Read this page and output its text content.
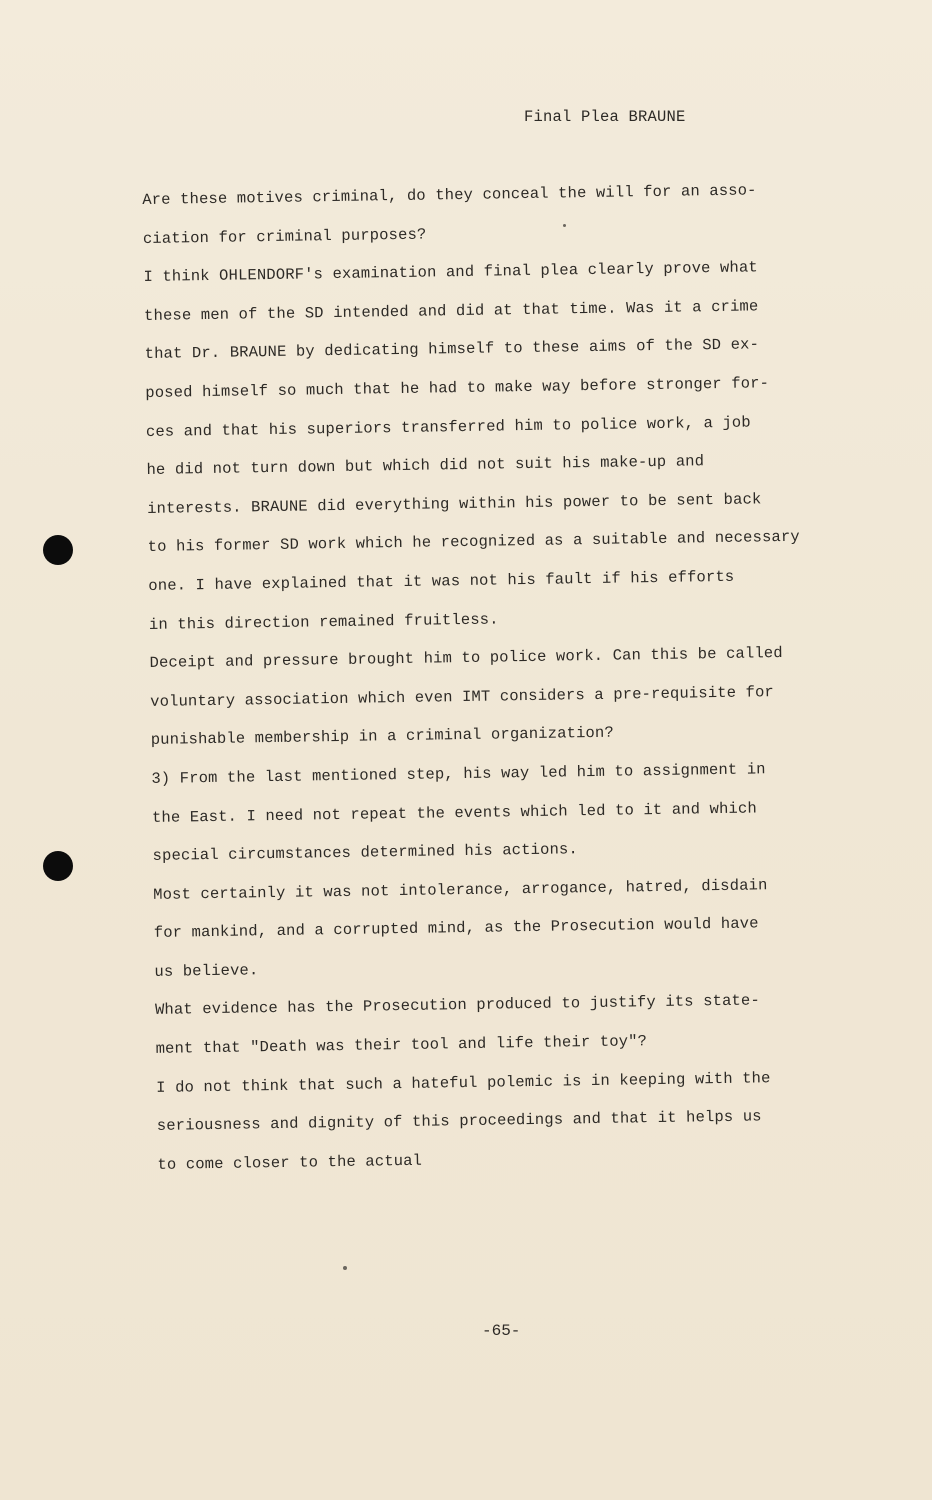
Final Plea BRAUNE
Are these motives criminal, do they conceal the will for an asso-
ciation for criminal purposes?
I think OHLENDORF's examination and final plea clearly prove what
these men of the SD intended and did at that time. Was it a crime
that Dr. BRAUNE by dedicating himself to these aims of the SD ex-
posed himself so much that he had to make way before stronger for-
ces and that his superiors transferred him to police work, a job
he did not turn down but which did not suit his make-up and
interests. BRAUNE did everything within his power to be sent back
to his former SD work which he recognized as a suitable and necessary
one. I have explained that it was not his fault if his efforts
in this direction remained fruitless.
Deceipt and pressure brought him to police work. Can this be called
voluntary association which even IMT considers a pre-requisite for
punishable membership in a criminal organization?
3) From the last mentioned step, his way led him to assignment in
the East. I need not repeat the events which led to it and which
special circumstances determined his actions.
Most certainly it was not intolerance, arrogance, hatred, disdain
for mankind, and a corrupted mind, as the Prosecution would have
us believe.
What evidence has the Prosecution produced to justify its state-
ment that "Death was their tool and life their toy"?
I do not think that such a hateful polemic is in keeping with the
seriousness and dignity of this proceedings and that it helps us
to come closer to the actual
-65-
